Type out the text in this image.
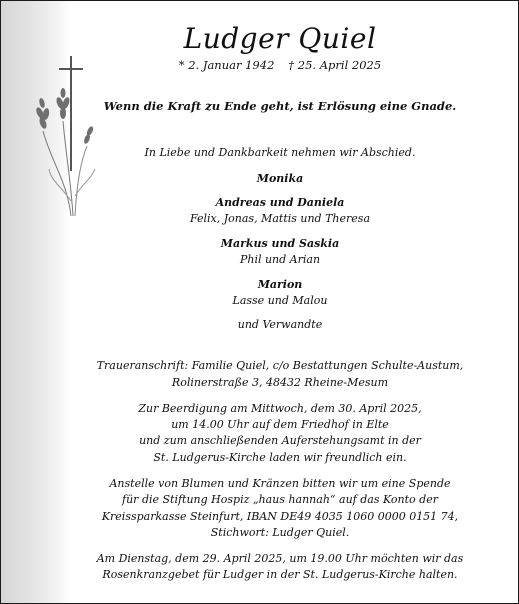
Ludger Quiel
* 2. Januar 1942 † 25. April 2025
Wenn die Kraft zu Ende geht, ist Erlösung eine Gnade.
In Liebe und Dankbarkeit nehmen wir Abschied.
Monika
Andreas und Daniela
Felix, Jonas, Mattis und Theresa
Markus und Saskia
Phil und Arian
Marion
Lasse und Malou
und Verwandte
Traueranschrift: Familie Quiel, c/o Bestattungen Schulte-Austum,
Rolinerstraße 3, 48432 Rheine-Mesum
Zur Beerdigung am Mittwoch, dem 30. April 2025,
um 14.00 Uhr auf dem Friedhof in Elte
und zum anschließenden Auferstehungsamt in der
St. Ludgerus-Kirche laden wir freundlich ein.
Anstelle von Blumen und Kränzen bitten wir um eine Spende
für die Stiftung Hospiz „haus hannah“ auf das Konto der
Kreissparkasse Steinfurt, IBAN DE49 4035 1060 0000 0151 74,
Stichwort: Ludger Quiel.
Am Dienstag, dem 29. April 2025, um 19.00 Uhr möchten wir das
Rosenkranzgebet für Ludger in der St. Ludgerus-Kirche halten.
